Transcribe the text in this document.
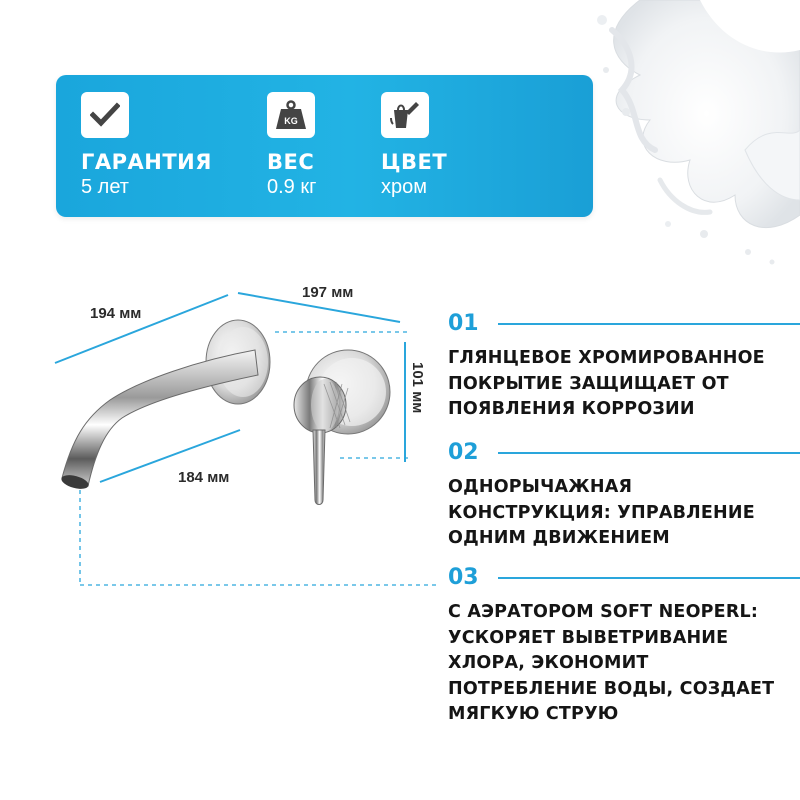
ГАРАНТИЯ
5 лет
KG
ВЕС
0.9 кг
ЦВЕТ
хром
194 мм
197 мм
184 мм
101 мм
01
ГЛЯНЦЕВОЕ ХРОМИРОВАННОЕ ПОКРЫТИЕ ЗАЩИЩАЕТ ОТ ПОЯВЛЕНИЯ КОРРОЗИИ
02
ОДНОРЫЧАЖНАЯ КОНСТРУКЦИЯ: УПРАВЛЕНИЕ ОДНИМ ДВИЖЕНИЕМ
03
С АЭРАТОРОМ SOFT NEOPERL: УСКОРЯЕТ ВЫВЕТРИВАНИЕ ХЛОРА, ЭКОНОМИТ ПОТРЕБЛЕНИЕ ВОДЫ, СОЗДАЕТ МЯГКУЮ СТРУЮ
